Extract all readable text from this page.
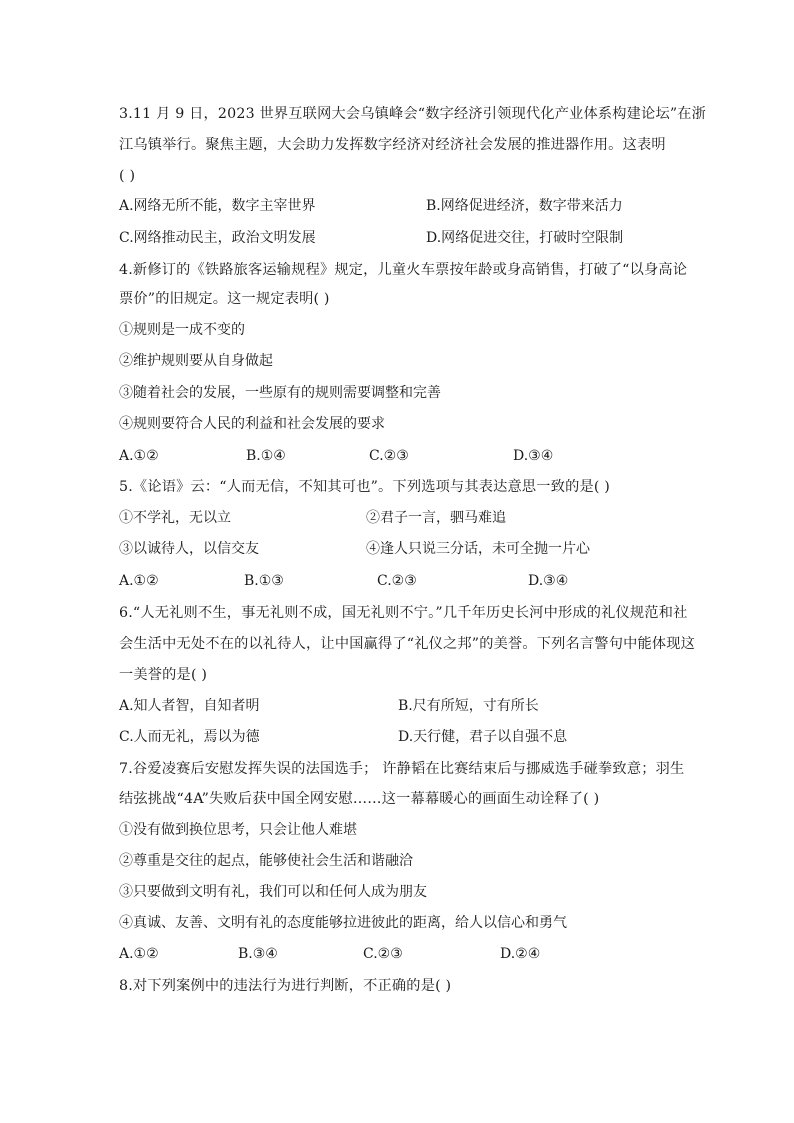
3.11 月 9 日，2023 世界互联网大会乌镇峰会“数字经济引领现代化产业体系构建论坛”在浙
江乌镇举行。聚焦主题，大会助力发挥数字经济对经济社会发展的推进器作用。这表明
( )
A.网络无所不能，数字主宰世界	B.网络促进经济，数字带来活力
C.网络推动民主，政治文明发展	D.网络促进交往，打破时空限制
4.新修订的《铁路旅客运输规程》规定，儿童火车票按年龄或身高销售，打破了“以身高论
票价”的旧规定。这一规定表明( )
①规则是一成不变的
②维护规则要从自身做起
③随着社会的发展，一些原有的规则需要调整和完善
④规则要符合人民的利益和社会发展的要求
A.①②	B.①④	C.②③	D.③④
5.《论语》云：“人而无信，不知其可也”。下列选项与其表达意思一致的是( )
①不学礼，无以立	②君子一言，驷马难追
③以诚待人，以信交友	④逢人只说三分话，未可全抛一片心
A.①②	B.①③	C.②③	D.③④
6.“人无礼则不生，事无礼则不成，国无礼则不宁。”几千年历史长河中形成的礼仪规范和社
会生活中无处不在的以礼待人，让中国赢得了“礼仪之邦”的美誉。下列名言警句中能体现这
一美誉的是( )
A.知人者智，自知者明	B.尺有所短，寸有所长
C.人而无礼，焉以为德	D.天行健，君子以自强不息
7.谷爱凌赛后安慰发挥失误的法国选手； 许静韬在比赛结束后与挪威选手碰拳致意；羽生
结弦挑战“4A”失败后获中国全网安慰……这一幕幕暖心的画面生动诠释了( )
①没有做到换位思考，只会让他人难堪
②尊重是交往的起点，能够使社会生活和谐融洽
③只要做到文明有礼，我们可以和任何人成为朋友
④真诚、友善、文明有礼的态度能够拉进彼此的距离，给人以信心和勇气
A.①②	B.③④	C.②③	D.②④
8.对下列案例中的违法行为进行判断，不正确的是( )
